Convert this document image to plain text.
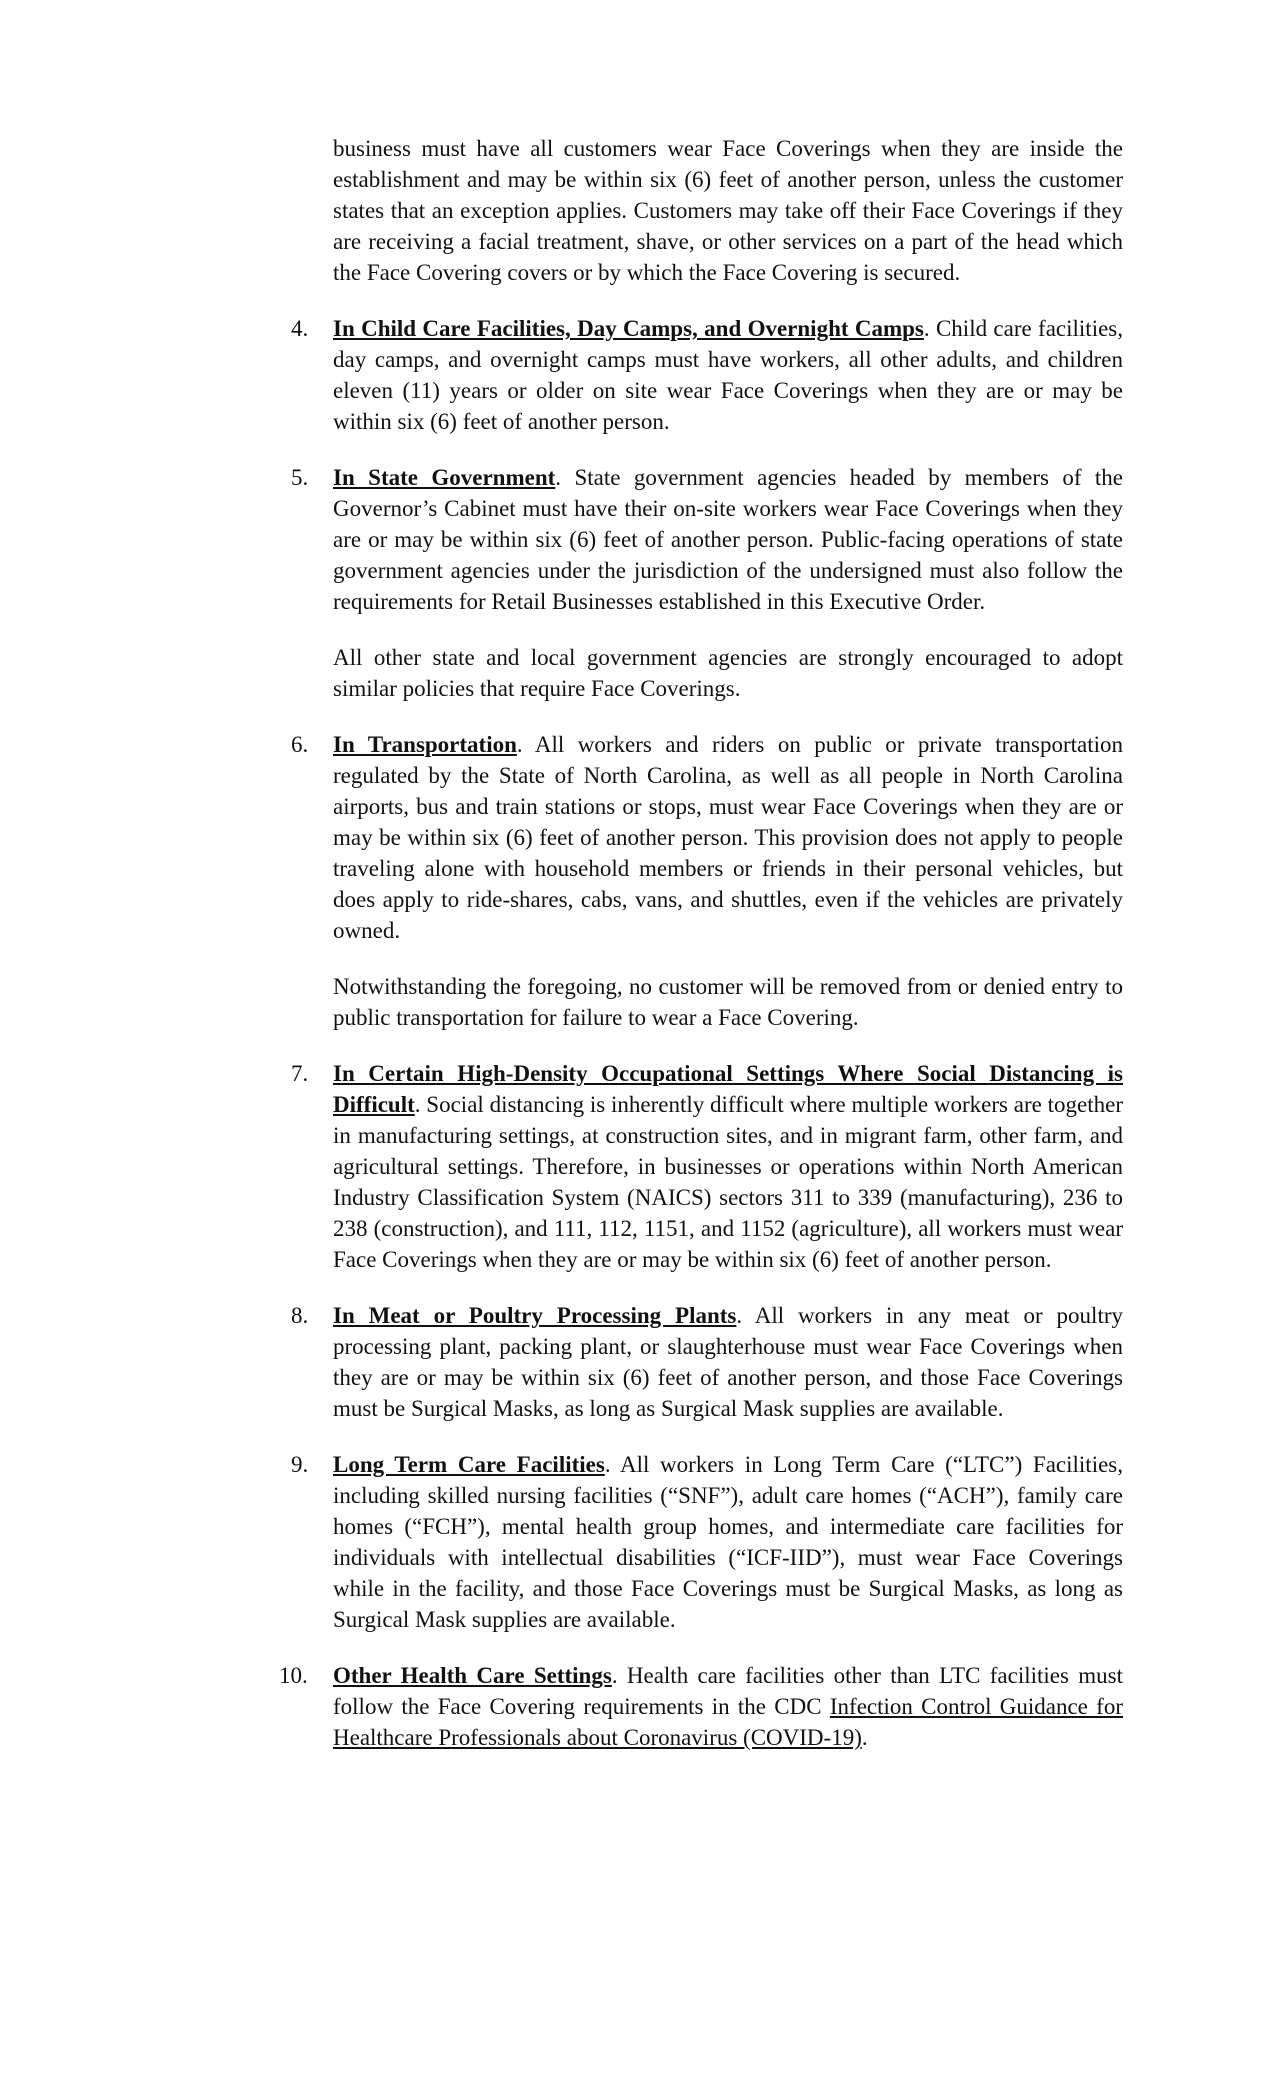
business must have all customers wear Face Coverings when they are inside the establishment and may be within six (6) feet of another person, unless the customer states that an exception applies. Customers may take off their Face Coverings if they are receiving a facial treatment, shave, or other services on a part of the head which the Face Covering covers or by which the Face Covering is secured.

4.	In Child Care Facilities, Day Camps, and Overnight Camps. Child care facilities, day camps, and overnight camps must have workers, all other adults, and children eleven (11) years or older on site wear Face Coverings when they are or may be within six (6) feet of another person.

5.	In State Government. State government agencies headed by members of the Governor’s Cabinet must have their on-site workers wear Face Coverings when they are or may be within six (6) feet of another person. Public-facing operations of state government agencies under the jurisdiction of the undersigned must also follow the requirements for Retail Businesses established in this Executive Order.

All other state and local government agencies are strongly encouraged to adopt similar policies that require Face Coverings.

6.	In Transportation. All workers and riders on public or private transportation regulated by the State of North Carolina, as well as all people in North Carolina airports, bus and train stations or stops, must wear Face Coverings when they are or may be within six (6) feet of another person. This provision does not apply to people traveling alone with household members or friends in their personal vehicles, but does apply to ride-shares, cabs, vans, and shuttles, even if the vehicles are privately owned.

Notwithstanding the foregoing, no customer will be removed from or denied entry to public transportation for failure to wear a Face Covering.

7.	In Certain High-Density Occupational Settings Where Social Distancing is Difficult. Social distancing is inherently difficult where multiple workers are together in manufacturing settings, at construction sites, and in migrant farm, other farm, and agricultural settings. Therefore, in businesses or operations within North American Industry Classification System (NAICS) sectors 311 to 339 (manufacturing), 236 to 238 (construction), and 111, 112, 1151, and 1152 (agriculture), all workers must wear Face Coverings when they are or may be within six (6) feet of another person.

8.	In Meat or Poultry Processing Plants. All workers in any meat or poultry processing plant, packing plant, or slaughterhouse must wear Face Coverings when they are or may be within six (6) feet of another person, and those Face Coverings must be Surgical Masks, as long as Surgical Mask supplies are available.

9.	Long Term Care Facilities. All workers in Long Term Care (“LTC”) Facilities, including skilled nursing facilities (“SNF”), adult care homes (“ACH”), family care homes (“FCH”), mental health group homes, and intermediate care facilities for individuals with intellectual disabilities (“ICF-IID”), must wear Face Coverings while in the facility, and those Face Coverings must be Surgical Masks, as long as Surgical Mask supplies are available.

10.	Other Health Care Settings. Health care facilities other than LTC facilities must follow the Face Covering requirements in the CDC Infection Control Guidance for Healthcare Professionals about Coronavirus (COVID-19).
